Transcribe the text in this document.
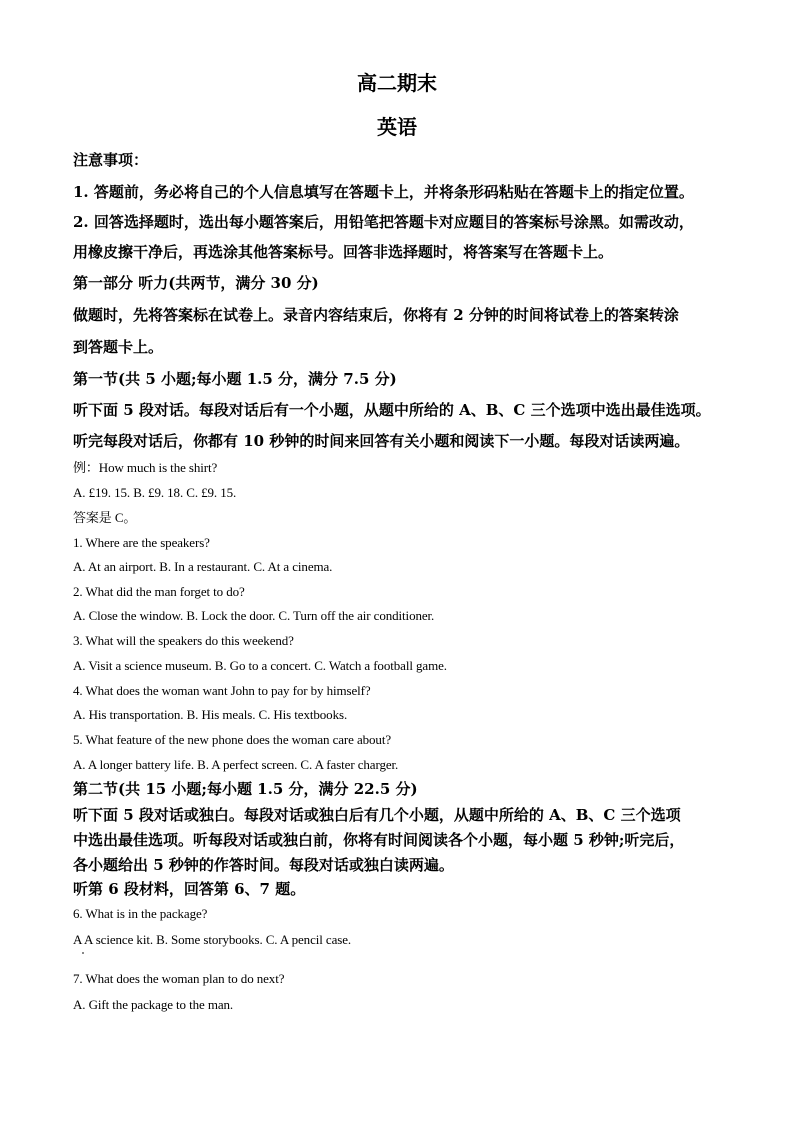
高二期末
英语
注意事项：
1. 答题前，务必将自己的个人信息填写在答题卡上，并将条形码粘贴在答题卡上的指定位置。
2. 回答选择题时，选出每小题答案后，用铅笔把答题卡对应题目的答案标号涂黑。如需改动，
用橡皮擦干净后，再选涂其他答案标号。回答非选择题时，将答案写在答题卡上。
第一部分 听力(共两节，满分 30 分)
做题时，先将答案标在试卷上。录音内容结束后，你将有 2 分钟的时间将试卷上的答案转涂
到答题卡上。
第一节(共 5 小题;每小题 1.5 分，满分 7.5 分)
听下面 5 段对话。每段对话后有一个小题，从题中所给的 A、B、C 三个选项中选出最佳选项。
听完每段对话后，你都有 10 秒钟的时间来回答有关小题和阅读下一小题。每段对话读两遍。
例：How much is the shirt?
A. £19. 15. B. £9. 18. C. £9. 15.
答案是 C。
1. Where are the speakers?
A. At an airport. B. In a restaurant. C. At a cinema.
2. What did the man forget to do?
A. Close the window. B. Lock the door. C. Turn off the air conditioner.
3. What will the speakers do this weekend?
A. Visit a science museum. B. Go to a concert. C. Watch a football game.
4. What does the woman want John to pay for by himself?
A. His transportation. B. His meals. C. His textbooks.
5. What feature of the new phone does the woman care about?
A. A longer battery life. B. A perfect screen. C. A faster charger.
第二节(共 15 小题;每小题 1.5 分，满分 22.5 分)
听下面 5 段对话或独白。每段对话或独白后有几个小题，从题中所给的 A、B、C 三个选项
中选出最佳选项。听每段对话或独白前，你将有时间阅读各个小题，每小题 5 秒钟;听完后，
各小题给出 5 秒钟的作答时间。每段对话或独白读两遍。
听第 6 段材料，回答第 6、7 题。
6. What is in the package?
A A science kit. B. Some storybooks. C. A pencil case.
7. What does the woman plan to do next?
A. Gift the package to the man.
